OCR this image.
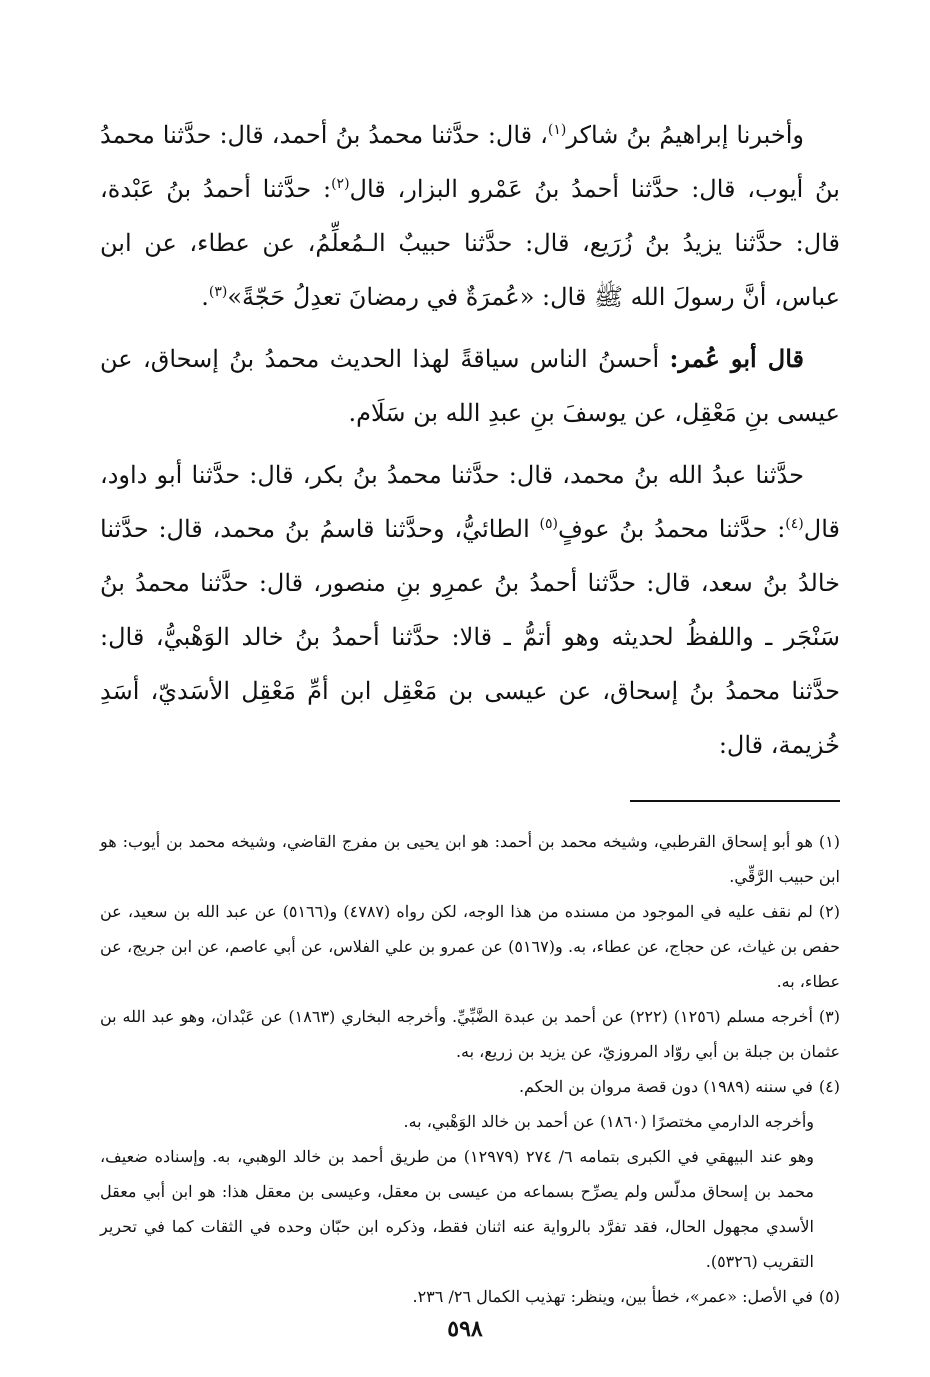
وأخبرنا إبراهيمُ بنُ شاكر$^{(١)}$، قال: حدَّثنا محمدُ بنُ أحمد، قال: حدَّثنا محمدُ بنُ أيوب، قال: حدَّثنا أحمدُ بنُ عَمْرو البزار، قال$^{(٢)}$: حدَّثنا أحمدُ بنُ عَبْدة، قال: حدَّثنا يزيدُ بنُ زُرَيع، قال: حدَّثنا حبيبٌ الـمُعلِّمُ، عن عطاء، عن ابن عباس، أنَّ رسولَ الله ﷺ قال: «عُمرَةٌ في رمضانَ تعدِلُ حَجّةً»$^{(٣)}$.

قال أبو عُمر: أحسنُ الناس سياقةً لهذا الحديث محمدُ بنُ إسحاق، عن عيسى بنِ مَعْقِل، عن يوسفَ بنِ عبدِ الله بن سَلَام.

حدَّثنا عبدُ الله بنُ محمد، قال: حدَّثنا محمدُ بنُ بكر، قال: حدَّثنا أبو داود، قال$^{(٤)}$: حدَّثنا محمدُ بنُ عوفٍ$^{(٥)}$ الطائيُّ، وحدَّثنا قاسمُ بنُ محمد، قال: حدَّثنا خالدُ بنُ سعد، قال: حدَّثنا أحمدُ بنُ عمرِو بنِ منصور، قال: حدَّثنا محمدُ بنُ سَنْجَر ـ واللفظُ لحديثه وهو أتمُّ ـ قالا: حدَّثنا أحمدُ بنُ خالد الوَهْبيُّ، قال: حدَّثنا محمدُ بنُ إسحاق، عن عيسى بن مَعْقِل ابن أمِّ مَعْقِل الأسَديّ، أسَدِ خُزيمة، قال:

(١)هو أبو إسحاق القرطبي، وشيخه محمد بن أحمد: هو ابن يحيى بن مفرج القاضي، وشيخه محمد بن أيوب: هو ابن حبيب الرَّقِّي.

(٢)لم نقف عليه في الموجود من مسنده من هذا الوجه، لكن رواه (٤٧٨٧) و(٥١٦٦) عن عبد الله بن سعيد، عن حفص بن غياث، عن حجاج، عن عطاء، به. و(٥١٦٧) عن عمرو بن علي الفلاس، عن أبي عاصم، عن ابن جريج، عن عطاء، به.

(٣)أخرجه مسلم (١٢٥٦) (٢٢٢) عن أحمد بن عبدة الضَّبِّيِّ. وأخرجه البخاري (١٨٦٣) عن عَبْدان، وهو عبد الله بن عثمان بن جبلة بن أبي روّاد المروزيّ، عن يزيد بن زريع، به.

(٤)في سننه (١٩٨٩) دون قصة مروان بن الحكم.

وأخرجه الدارمي مختصرًا (١٨٦٠) عن أحمد بن خالد الوَهْبي، به.

وهو عند البيهقي في الكبرى بتمامه ٦/ ٢٧٤ (١٢٩٧٩) من طريق أحمد بن خالد الوهبي، به. وإسناده ضعيف، محمد بن إسحاق مدلّس ولم يصرِّح بسماعه من عيسى بن معقل، وعيسى بن معقل هذا: هو ابن أبي معقل الأسدي مجهول الحال، فقد تفرَّد بالرواية عنه اثنان فقط، وذكره ابن حبّان وحده في الثقات كما في تحرير التقريب (٥٣٢٦).

(٥)في الأصل: «عمر»، خطأ بين، وينظر: تهذيب الكمال ٢٦/ ٢٣٦.

٥٩٨
